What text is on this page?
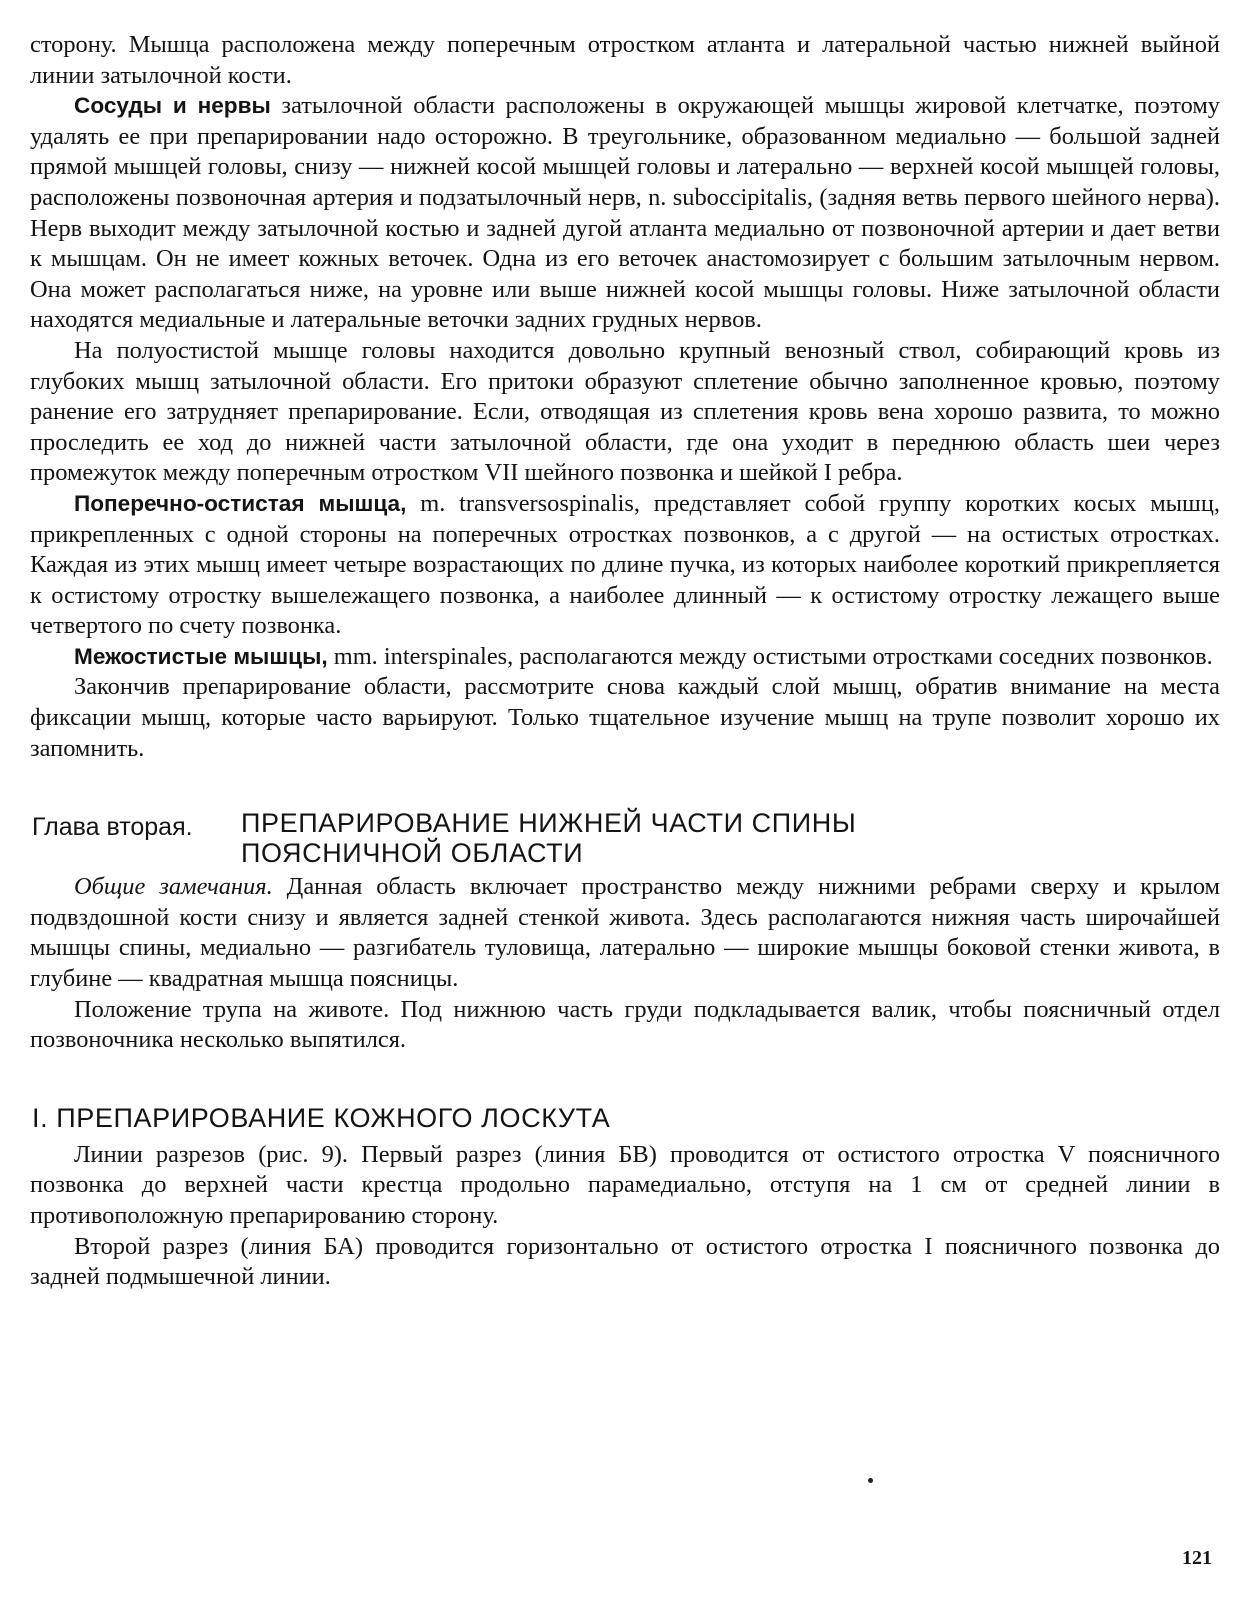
сторону. Мышца расположена между поперечным отростком атланта и латеральной частью нижней выйной линии затылочной кости.

Сосуды и нервы затылочной области расположены в окружающей мышцы жировой клетчатке, поэтому удалять ее при препарировании надо осторожно. В треугольнике, образованном медиально — большой задней прямой мышцей головы, снизу — нижней косой мышцей головы и латерально — верхней косой мышцей головы, расположены позвоночная артерия и подзатылочный нерв, n. suboccipitalis, (задняя ветвь первого шейного нерва). Нерв выходит между затылочной костью и задней дугой атланта медиально от позвоночной артерии и дает ветви к мышцам. Он не имеет кожных веточек. Одна из его веточек анастомозирует с большим затылочным нервом. Она может располагаться ниже, на уровне или выше нижней косой мышцы головы. Ниже затылочной области находятся медиальные и латеральные веточки задних грудных нервов.

На полуостистой мышце головы находится довольно крупный венозный ствол, собирающий кровь из глубоких мышц затылочной области. Его притоки образуют сплетение обычно заполненное кровью, поэтому ранение его затрудняет препарирование. Если, отводящая из сплетения кровь вена хорошо развита, то можно проследить ее ход до нижней части затылочной области, где она уходит в переднюю область шеи через промежуток между поперечным отростком VII шейного позвонка и шейкой I ребра.

Поперечно-остистая мышца, m. transversospinalis, представляет собой группу коротких косых мышц, прикрепленных с одной стороны на поперечных отростках позвонков, а с другой — на остистых отростках. Каждая из этих мышц имеет четыре возрастающих по длине пучка, из которых наиболее короткий прикрепляется к остистому отростку вышележащего позвонка, а наиболее длинный — к остистому отростку лежащего выше четвертого по счету позвонка.

Межостистые мышцы, mm. interspinales, располагаются между остистыми отростками соседних позвонков.

Закончив препарирование области, рассмотрите снова каждый слой мышц, обратив внимание на места фиксации мышц, которые часто варьируют. Только тщательное изучение мышц на трупе позволит хорошо их запомнить.

Глава вторая. ПРЕПАРИРОВАНИЕ НИЖНЕЙ ЧАСТИ СПИНЫ
ПОЯСНИЧНОЙ ОБЛАСТИ

Общие замечания. Данная область включает пространство между нижними ребрами сверху и крылом подвздошной кости снизу и является задней стенкой живота. Здесь располагаются нижняя часть широчайшей мышцы спины, медиально — разгибатель туловища, латерально — широкие мышцы боковой стенки живота, в глубине — квадратная мышца поясницы.

Положение трупа на животе. Под нижнюю часть груди подкладывается валик, чтобы поясничный отдел позвоночника несколько выпятился.

I. ПРЕПАРИРОВАНИЕ КОЖНОГО ЛОСКУТА

Линии разрезов (рис. 9). Первый разрез (линия БВ) проводится от остистого отростка V поясничного позвонка до верхней части крестца продольно парамедиально, отступя на 1 см от средней линии в противоположную препарированию сторону.

Второй разрез (линия БА) проводится горизонтально от остистого отростка I поясничного позвонка до задней подмышечной линии.

121
